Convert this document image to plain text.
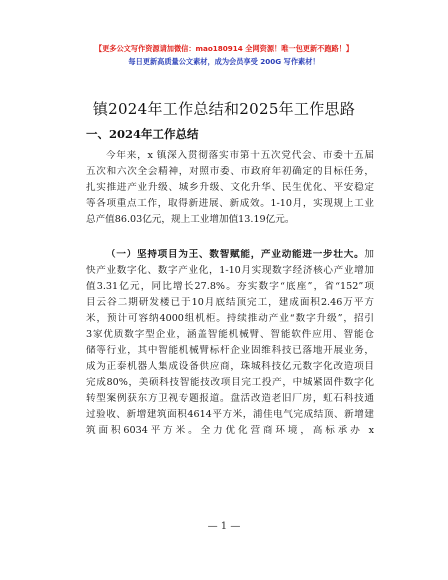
【更多公文写作资源请加微信：mao180914 全网资源！唯一包更新不跑路！】
每日更新高质量公文素材，成为会员享受 200G 写作素材！
镇2024年工作总结和2025年工作思路
一、2024年工作总结
今年来，x 镇深入贯彻落实市第十五次党代会、市委十五届
五次和六次全会精神，对照市委、市政府年初确定的目标任务，
扎实推进产业升级、城乡升级、文化升华、民生优化、平安稳定
等各项重点工作，取得新进展、新成效。1-10月，实现规上工业
总产值86.03亿元，规上工业增加值13.19亿元。
（一）坚持项目为王、数智赋能，产业动能进一步壮大。加
快产业数字化、数字产业化，1-10月实现数字经济核心产业增加
值3.31亿元，同比增长27.8%。夯实数字“底座”，省“152”项
目云谷二期研发楼已于10月底结顶完工，建成面积2.46万平方
米，预计可容纳4000组机柜。持续推动产业“数字升级”，招引
3家优质数字型企业，涵盖智能机械臂、智能软件应用、智能仓
储等行业，其中智能机械臂标杆企业固维科技已落地开展业务，
成为正泰机器人集成设备供应商，珠城科技亿元数字化改造项目
完成80%，美硕科技智能技改项目完工投产，中城紧固件数字化
转型案例获东方卫视专题报道。盘活改造老旧厂房，虹石科技通
过验收、新增建筑面积4614平方米，浦佳电气完成结顶、新增建
筑面积6034平方米。全力优化营商环境，高标承办 x
— 1 —
